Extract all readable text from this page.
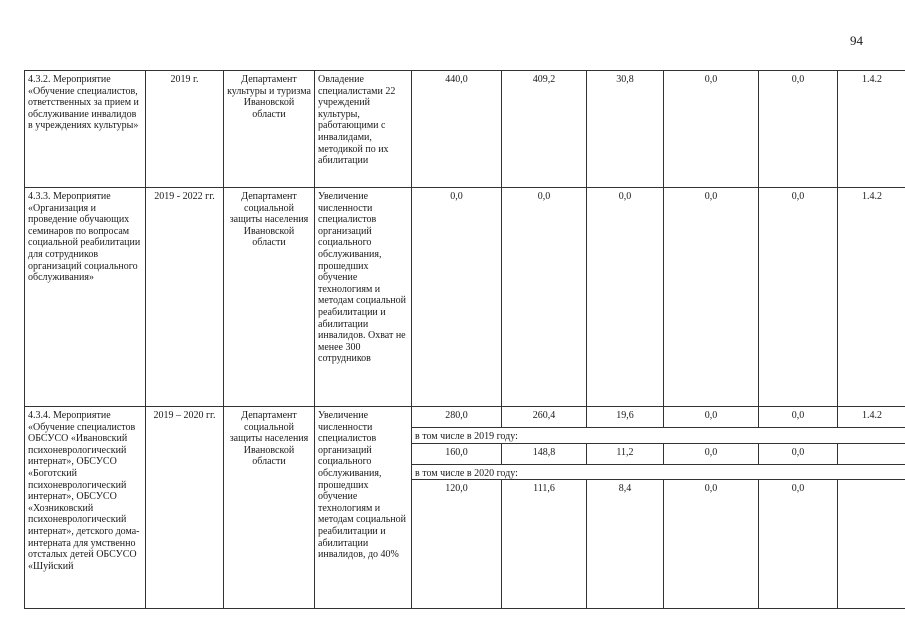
94
4.3.2. Мероприятие «Обучение специалистов, ответственных за прием и обслуживание инвалидов в учреждениях культуры»	2019 г.	Департамент культуры и туризма Ивановской области	Овладение специалистами 22 учреждений культуры, работающими с инвалидами, методикой по их абилитации	440,0	409,2	30,8	0,0	0,0	1.4.2
4.3.3. Мероприятие «Организация и проведение обучающих семинаров по вопросам социальной реабилитации для сотрудников организаций социального обслуживания»	2019 - 2022 гг.	Департамент социальной защиты населения Ивановской области	Увеличение численности специалистов организаций социального обслуживания, прошедших обучение технологиям и методам социальной реабилитации и абилитации инвалидов. Охват не менее 300 сотрудников	0,0	0,0	0,0	0,0	0,0	1.4.2
4.3.4. Мероприятие «Обучение специалистов ОБСУСО «Ивановский психоневрологический интернат», ОБСУСО «Боготский психоневрологический интернат», ОБСУСО «Хозниковский психоневрологический интернат», детского дома-интерната для умственно отсталых детей ОБСУСО «Шуйский	2019 – 2020 гг.	Департамент социальной защиты населения Ивановской области	Увеличение численности специалистов организаций социального обслуживания, прошедших обучение технологиям и методам социальной реабилитации и абилитации инвалидов, до 40%	280,0	260,4	19,6	0,0	0,0	1.4.2
				в том числе в 2019 году:					
				160,0	148,8	11,2	0,0	0,0	
				в том числе в 2020 году:					
				120,0	111,6	8,4	0,0	0,0	
